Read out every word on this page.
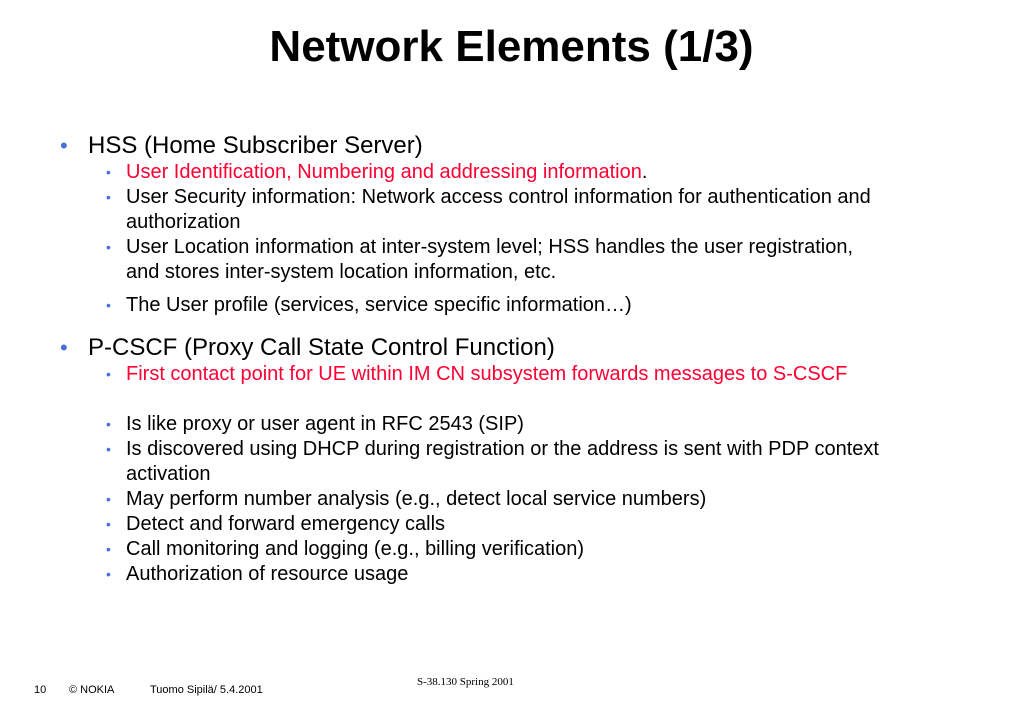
Network Elements (1/3)
• HSS (Home Subscriber Server)
• User Identification, Numbering and addressing information.
• User Security information: Network access control information for authentication and authorization
• User Location information at inter-system level; HSS handles the user registration, and stores inter-system location information, etc.
• The User profile (services, service specific information…)
• P-CSCF (Proxy Call State Control Function)
• First contact point for UE within IM CN subsystem forwards messages to S-CSCF
• Is like proxy or user agent in RFC 2543 (SIP)
• Is discovered using DHCP during registration or the address is sent with PDP context activation
• May perform number analysis (e.g., detect local service numbers)
• Detect and forward emergency calls
• Call monitoring and logging (e.g., billing verification)
• Authorization of resource usage
S-38.130 Spring 2001
10 © NOKIA	Tuomo Sipilä/ 5.4.2001
